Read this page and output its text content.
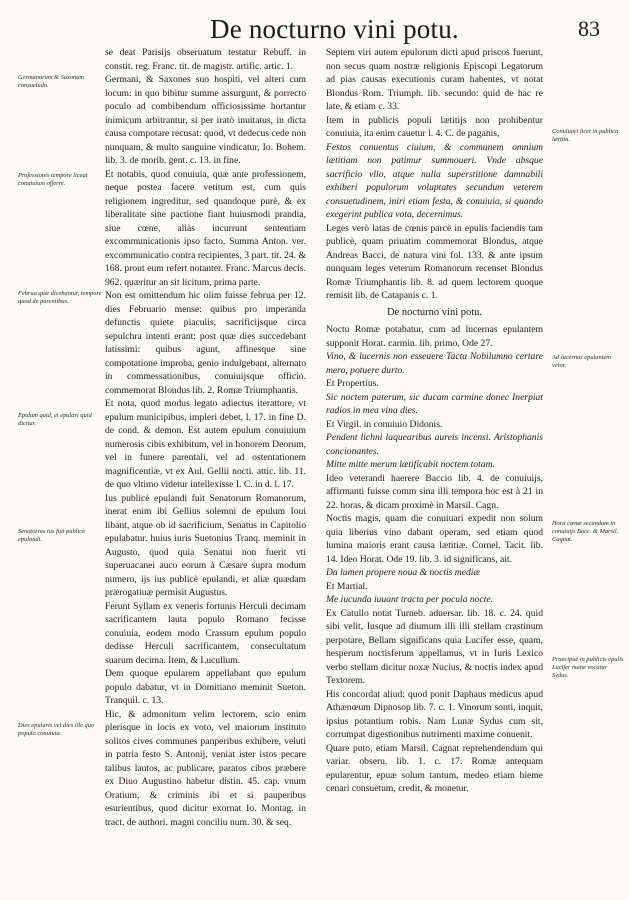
De nocturno vini potu.	83
Germanorum & Saxonum consuetudo.
Professionis tempore liceat conuiuium offerre.
Februa quæ dicebantur, tempore quod de parentibus.
Epulum quid, et epulari quid dicitur.
Senatorius ius fuit publicè epulandi.
Dies epularis vel dies ille quo populo conuiuia.
Conuiuari licet in publica lætitia.
Ad lucernas epulantem vetor.
Hora cœnæ secundum in conuiuijs Bacc. & Marsil. Cagnat.
Praecipuè in publicis epulis Lucifer mane vocatur Sydus.

se deat Parisijs obseruatum testatur Rebuff. in constit. reg. Franc. tit. de magistr. artific. artic. 1.

Germani, & Saxones suo hospiti, vel alteri cum locum: in quo bibitur summe assurgunt, & porrecto poculo ad combibendum officiosissime hortantur inimicum arbitrantur, si per iratò inuitatus, in dicta causa compotare recusat: quod, vt dedecus cede non nunquam, & multo sanguine vindicatur, Io. Bohem. lib. 3. de morib. gent. c. 13. in fine.

Et notabis, quod conuiuia, quæ ante professionem, neque postea facere vetitum est, cum quis religionem ingreditur, sed quandoque purè, & ex liberalitate sine pactione fiant huiusmodi prandia, siue cœne, aliàs incurrunt sententiam excommunicationis ipso facto. Summa Anton. ver. excommunicatio contra recipientes, 3 part. tit. 24. & 168. prout eum refert notanter. Franc. Marcus decis. 962. quæritur an sit licitum, prima parte.

Non est omittendum hic olim fuisse februa per 12. dies Februario mense: quibus pro imperanda defunctis quiete piaculis, sacrificijsque circa sepulchra intenti erant: post quæ dies succedebant latissimi: quibus agunt, affinesque sine compotatione improba, genio indulgebant, alternato in commessationibus, conuiuijsque officio. commemorat Blondus lib. 2. Romæ Triumphantis.

Et nota, quod modus legato adiectus iterattore, vt epulum municipibus, impleri debet, l. 17. in fine D. de cond. & demon. Est autem epulum conuiuium numerosis cibis exhibitum, vel in honorem Deorum, vel in funere parentali, vel ad ostentationem magnificentiæ, vt ex Aul. Gellii nocti. attic. lib. 11. de quo vltimo videtur intellexisse I. C. in d. l. 17.

Ius publicè epulandi fuit Senatorum Romanorum, inerat enim ibi Gellius solemni de epulum Ioui libant, atque ob id sacrificium, Senatus in Capitolio epulabatur. huius iuris Suetonius Tranq. meminit in Augusto, quod quia Senatui non fuerit vti superuacanei auco eorum à Cæsare supra modum numero, ijs ius publicè epulandi, et aliæ quædam prærogatiuæ permisit Augustus.

Ferunt Syllam ex veneris fortunis Herculi decimam sacrificantem lauta populo Romano fecisse conuiuia, eodem modo Crassum epulum populo dedisse Herculi sacrificantem, consecultatum suarum decima. Item, & Lucullum.

Dem quoque epularem appellabant quo epulum populo dabatur, vt in Domitiano meminit Sueton. Tranquil. c. 13.

Hic, & admonitum velim lectorem, scio enim plerisque in locis ex voto, vel maiorum instituto solitos cives communes panperibus exhibere, veluti in patria festo S. Antonij, veniat ister istos pecare talibus lautos, ac publicare, paratos cibos præbere ex Diuo Augustino habetur distin. 45. cap. vnum Oratium, & criminis ibi et si pauperibus esurientibus, quod dicitur exornat Io. Montag. in tract. de authori. magni conciliu num. 30. & seq.

Septem viri autem epulorum dicti apud priscos fuerunt, non secus quam nostræ religionis Episcopi Legatorum ad pias causas executionis curam habentes, vt notat Blondus Rom. Triumph. lib. secundo: quid de hac re late, & etiam c. 33.

Item in publicis populi lætitijs non prohibentur conuiuia, ita enim cauetur l. 4. C. de paganis,

Festos conuentus ciuium, & communem omnium lætitiam non patimur summoueri. Vnde absque sacrificio vllo, atque nulla superstitione damnabili exhiberi populorum voluptates secundum veterem consuetudinem, iniri etiam festa, & conuiuia, si quando exegerint publica vota, decernimus.

Leges verò latas de cœnis parcè in epulis faciendis tam publicè, quam priuatim commemorat Blondus, atque Andreas Bacci, de natura vini fol. 133. & ante ipsum nunquam leges veterum Romanorum recenset Blondus Romæ Triumphantis lib. 8. ad quem lectorem quoque remisit lib. de Catapanis c. 1.

De nocturno vini potu.

Noctu Romæ potabatur, cum ad lucernas epulantem supponit Horat. carmin. lib. primo, Ode 27.

Vino, & lucernis non esseuere Tacta Nobilumno certare mero, potuere durto.

Et Propertius.

Sic noctem paterum, sic ducam carmine donec Inerpiat radios in mea vina dies.

Et Virgil. in conuiuio Didonis.

Pendent lichni laquearibus aureis incensi. Aristophanis concionantes.

Mitte mitte merum lætificabit noctem totam.

Ideo veterandi haerere Baccio lib. 4. de conuiuijs, affirmanti fuisse comm sina illi tempora hoc est à 21 in 22. horas, & dicam proximè in Marsil. Cagn.

Noctis magis, quam die conuiuari expedit non solum quia liberius vino dabant operam, sed etiam quod lumina maioris erant causa lætitiæ. Cornel. Tacit. lib. 14. Ideo Horat. Ode 19. lib. 3. id significans, ait.

Da lumen propere noua & noctis mediæ

Et Martial.

Me iucunda iuuant tracta per pocula nocte.

Ex Catullo notat Turneb. aduersar. lib. 18. c. 24. quid sibi velit, Iusque ad diumum illi illi stellam crastinum perpotare, Bellam significans quia Lucifer esse, quam, hesperum noctisferum appellamus, vt in Iuris Lexico verbo stellam dicitur noxæ Nucius, & noctis index apud Textorem.

His concordat aliud: quod ponit Daphaus medicus apud Athænœum Dipnosop lib. 7. c. 1. Vinorum sonti, inquit, ipsius potantium robis. Nam Lunæ Sydus cum sit, corrumpat digestionibus nutrimenti maxime conuenit.

Quare puto, etiam Marsil. Cagnat reprehendendum qui variar. obseru. lib. 1. c. 17. Romæ antequam epularentur, epuæ solum tantum, medeo etiam hieme cenari consuetum, credit, & monetur.
